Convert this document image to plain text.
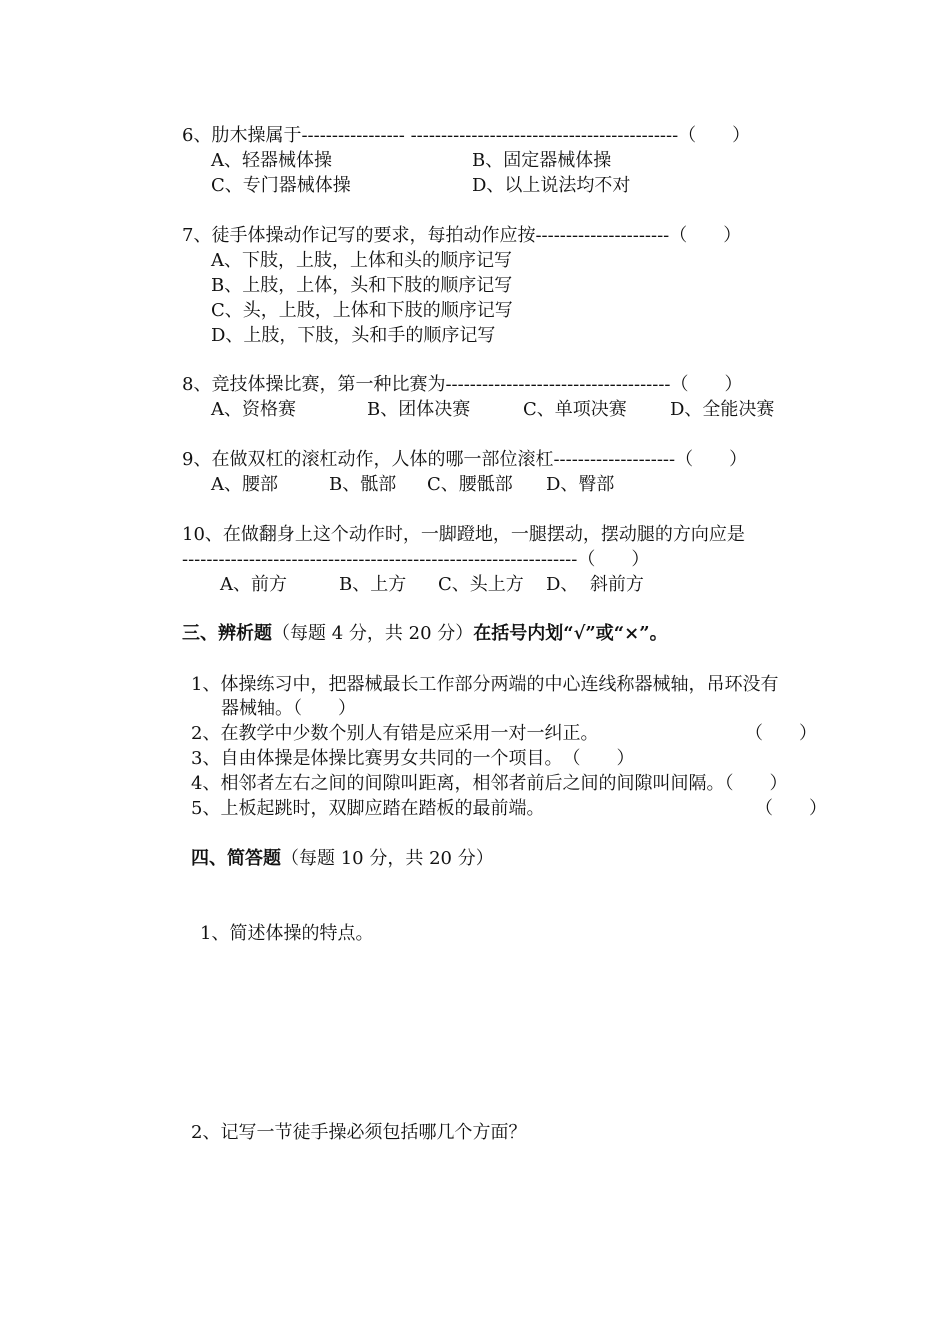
6、肋木操属于----------------- --------------------------------------------（　　）
A、轻器械体操	B、固定器械体操
C、专门器械体操	D、以上说法均不对
7、徒手体操动作记写的要求，每拍动作应按----------------------（　　）
A、下肢，上肢，上体和头的顺序记写
B、上肢，上体，头和下肢的顺序记写
C、头，上肢，上体和下肢的顺序记写
D、上肢，下肢，头和手的顺序记写
8、竞技体操比赛，第一种比赛为-------------------------------------（　　）
A、资格赛	B、团体决赛	C、单项决赛 D、全能决赛
9、在做双杠的滚杠动作，人体的哪一部位滚杠--------------------（　　）
A、腰部	B、骶部 C、腰骶部 D、臀部
10、在做翻身上这个动作时，一脚蹬地，一腿摆动，摆动腿的方向应是
-----------------------------------------------------------------（　　）
A、前方	B、上方 C、头上方 D、  斜前方
三、辨析题（每题 4 分，共 20 分）在括号内划“√”或“×”。
1、体操练习中，把器械最长工作部分两端的中心连线称器械轴，吊环没有
器械轴。（　　）
2、在教学中少数个别人有错是应采用一对一纠正。	（　　）
3、自由体操是体操比赛男女共同的一个项目。　（　　）
4、相邻者左右之间的间隙叫距离，相邻者前后之间的间隙叫间隔。（　　）
5、上板起跳时，双脚应踏在踏板的最前端。	（　　）
四、简答题（每题 10 分，共 20 分）
1、简述体操的特点。
2、记写一节徒手操必须包括哪几个方面？
